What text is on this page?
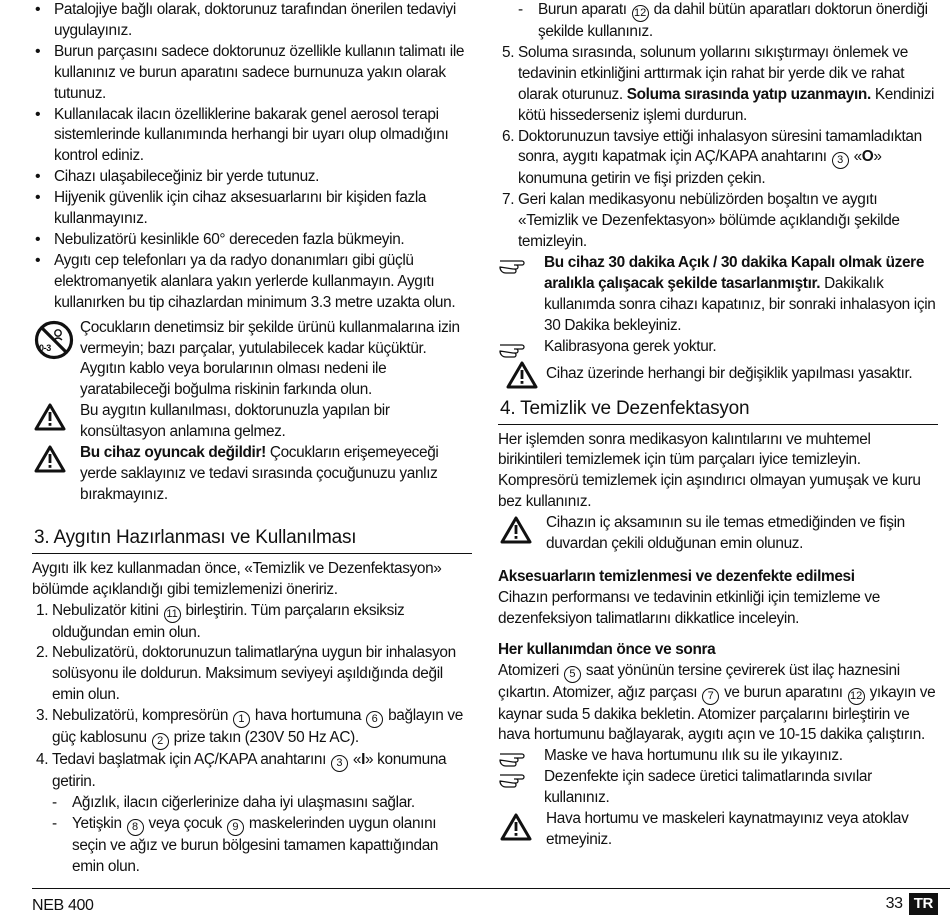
• Patalojiye bağlı olarak, doktorunuz tarafından önerilen tedaviyi uygulayınız.
• Burun parçasını sadece doktorunuz özellikle kullanın talimatı ile kullanınız ve burun aparatını sadece burnunuza yakın olarak tutunuz.
• Kullanılacak ilacın özelliklerine bakarak genel aerosol terapi sistemlerinde kullanımında herhangi bir uyarı olup olmadığını kontrol ediniz.
• Cihazı ulaşabileceğiniz bir yerde tutunuz.
• Hijyenik güvenlik için cihaz aksesuarlarını bir kişiden fazla kullanmayınız.
• Nebulizatörü kesinlikle 60° dereceden fazla bükmeyin.
• Aygıtı cep telefonları ya da radyo donanımları gibi güçlü elektromanyetik alanlara yakın yerlerde kullanmayın. Aygıtı kullanırken bu tip cihazlardan minimum 3.3 metre uzakta olun.
0-3

Çocukların denetimsiz bir şekilde ürünü kullanmalarına izin vermeyin; bazı parçalar, yutulabilecek kadar küçüktür.

Aygıtın kablo veya borularının olması nedeni ile yaratabileceği boğulma riskinin farkında olun.

Bu aygıtın kullanılması, doktorunuzla yapılan bir konsültasyon anlamına gelmez.

Bu cihaz oyuncak değildir! Çocukların erişemeyeceği yerde saklayınız ve tedavi sırasında çocuğunuzu yanlız bırakmayınız.

3. Aygıtın Hazırlanması ve Kullanılması

Aygıtı ilk kez kullanmadan önce, «Temizlik ve Dezenfektasyon» bölümde açıklandığı gibi temizlemenizi öneririz.

1. Nebulizatör kitini 11 birleştirin. Tüm parçaların eksiksiz olduğundan emin olun.
2. Nebulizatörü, doktorunuzun talimatlarýna uygun bir inhalasyon solüsyonu ile doldurun. Maksimum seviyeyi aşıldığında değil emin olun.
3. Nebulizatörü, kompresörün 1 hava hortumuna 6 bağlayın ve güç kablosunu 2 prize takın (230V 50 Hz AC).
4. Tedavi başlatmak için AÇ/KAPA anahtarını 3 «I» konumuna getirin.
- Ağızlık, ilacın ciğerlerinize daha iyi ulaşmasını sağlar.
- Yetişkin 8 veya çocuk 9 maskelerinden uygun olanını seçin ve ağız ve burun bölgesini tamamen kapattığından emin olun.
- Burun aparatı 12 da dahil bütün aparatları doktorun önerdiği şekilde kullanınız.
5. Soluma sırasında, solunum yollarını sıkıştırmayı önlemek ve tedavinin etkinliğini arttırmak için rahat bir yerde dik ve rahat olarak oturunuz. Soluma sırasında yatıp uzanmayın. Kendinizi kötü hissederseniz işlemi durdurun.
6. Doktorunuzun tavsiye ettiği inhalasyon süresini tamamladıktan sonra, aygıtı kapatmak için AÇ/KAPA anahtarını 3 «O» konumuna getirin ve fişi prizden çekin.
7. Geri kalan medikasyonu nebülizörden boşaltın ve aygıtı «Temizlik ve Dezenfektasyon» bölümde açıklandığı şekilde temizleyin.

Bu cihaz 30 dakika Açık / 30 dakika Kapalı olmak üzere aralıkla çalışacak şekilde tasarlanmıştır. Dakikalık kullanımda sonra cihazı kapatınız, bir sonraki inhalasyon için 30 Dakika bekleyiniz.

Kalibrasyona gerek yoktur.

Cihaz üzerinde herhangi bir değişiklik yapılması yasaktır.

4. Temizlik ve Dezenfektasyon

Her işlemden sonra medikasyon kalıntılarını ve muhtemel birikintileri temizlemek için tüm parçaları iyice temizleyin.

Kompresörü temizlemek için aşındırıcı olmayan yumuşak ve kuru bez kullanınız.

Cihazın iç aksamının su ile temas etmediğinden ve fişin duvardan çekili olduğunan emin olunuz.

Aksesuarların temizlenmesi ve dezenfekte edilmesi

Cihazın performansı ve tedavinin etkinliği için temizleme ve dezenfeksiyon talimatlarını dikkatlice inceleyin.

Her kullanımdan önce ve sonra

Atomizeri 5 saat yönünün tersine çevirerek üst ilaç haznesini çıkartın. Atomizer, ağız parçası 7 ve burun aparatını 12 yıkayın ve kaynar suda 5 dakika bekletin. Atomizer parçalarını birleştirin ve hava hortumunu bağlayarak, aygıtı açın ve 10-15 dakika çalıştırın.

Maske ve hava hortumunu ılık su ile yıkayınız.

Dezenfekte için sadece üretici talimatlarında sıvılar kullanınız.

Hava hortumu ve maskeleri kaynatmayınız veya atoklav etmeyiniz.

NEB 400	33 TR
